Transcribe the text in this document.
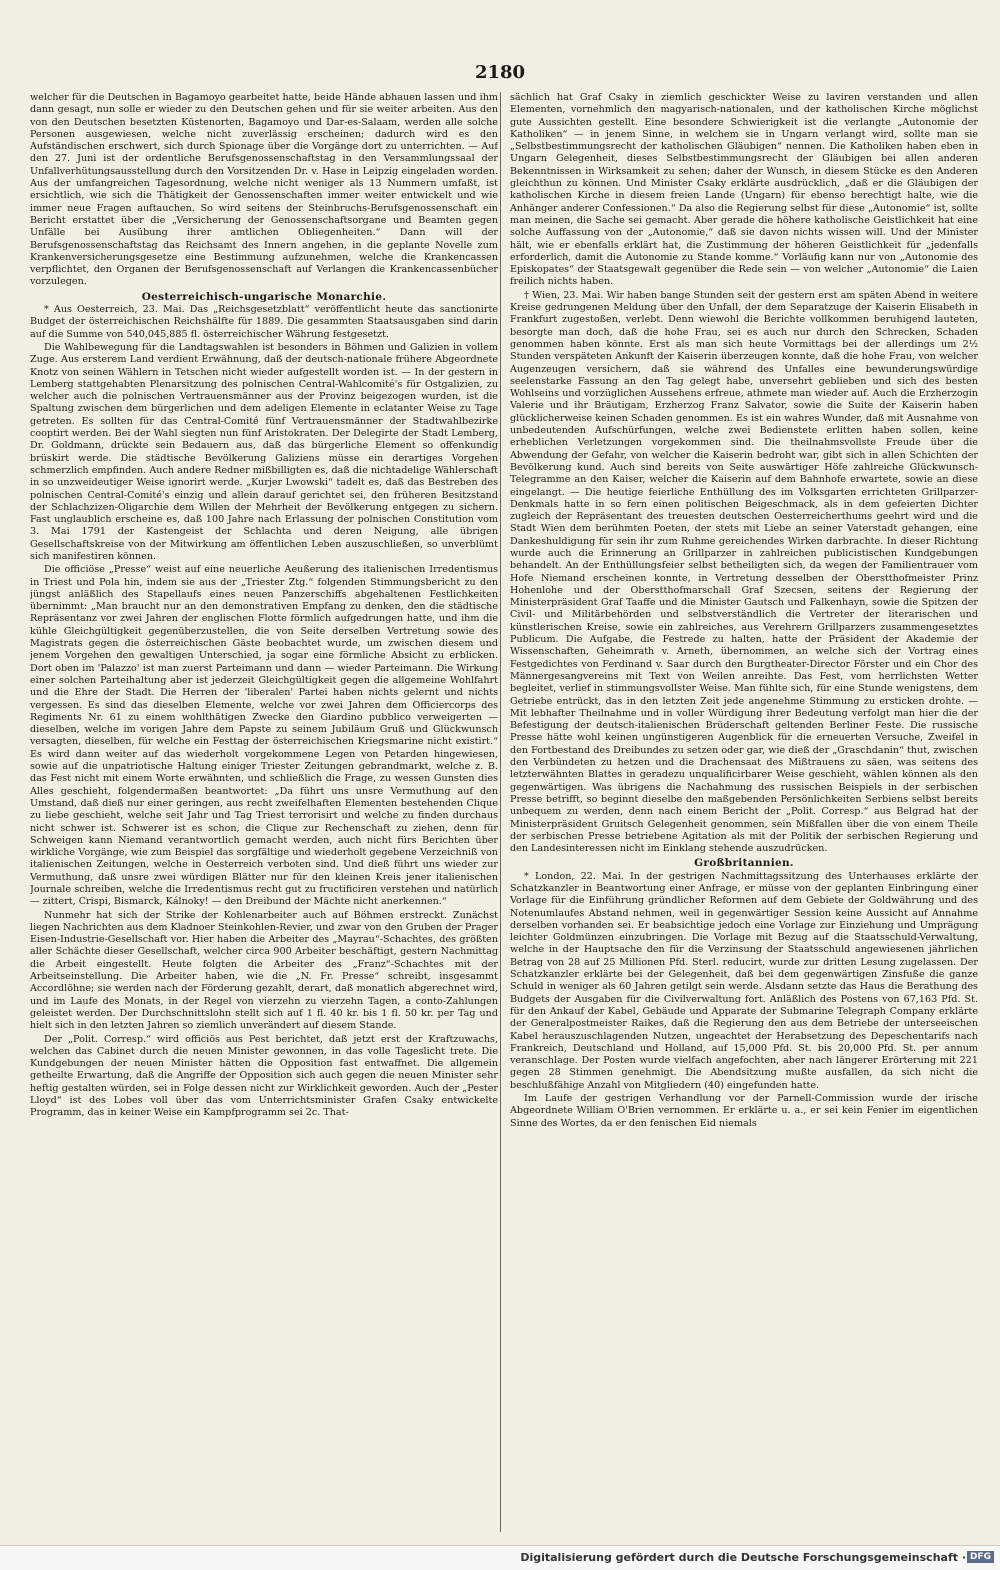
2180

welcher für die Deutschen in Bagamoyo gearbeitet hatte, beide Hände abhauen lassen und ihm dann gesagt, nun solle er wieder zu den Deutschen gehen und für sie weiter arbeiten. Aus den von den Deutschen besetzten Küstenorten, Bagamoyo und Dar-es-Salaam, werden alle solche Personen ausgewiesen, welche nicht zuverlässig erscheinen; dadurch wird es den Aufständischen erschwert, sich durch Spionage über die Vorgänge dort zu unterrichten. — Auf den 27. Juni ist der ordentliche Berufsgenossenschaftstag in den Versammlungssaal der Unfallverhütungsausstellung durch den Vorsitzenden Dr. v. Hase in Leipzig eingeladen worden. Aus der umfangreichen Tagesordnung, welche nicht weniger als 13 Nummern umfaßt, ist ersichtlich, wie sich die Thätigkeit der Genossenschaften immer weiter entwickelt und wie immer neue Fragen auftauchen. So wird seitens der Steinbruchs-Berufsgenossenschaft ein Bericht erstattet über die „Versicherung der Genossenschaftsorgane und Beamten gegen Unfälle bei Ausübung ihrer amtlichen Obliegenheiten.“ Dann will der Berufsgenossenschaftstag das Reichsamt des Innern angehen, in die geplante Novelle zum Krankenversicherungsgesetze eine Bestimmung aufzunehmen, welche die Krankencassen verpflichtet, den Organen der Berufsgenossenschaft auf Verlangen die Krankencassenbücher vorzulegen.

Oesterreichisch-ungarische Monarchie.

* Aus Oesterreich, 23. Mai. Das „Reichsgesetzblatt“ veröffentlicht heute das sanctionirte Budget der österreichischen Reichshälfte für 1889. Die gesammten Staatsausgaben sind darin auf die Summe von 540,045,885 fl. österreichischer Währung festgesetzt.

Die Wahlbewegung für die Landtagswahlen ist besonders in Böhmen und Galizien in vollem Zuge. Aus ersterem Land verdient Erwähnung, daß der deutsch-nationale frühere Abgeordnete Knotz von seinen Wählern in Tetschen nicht wieder aufgestellt worden ist. — In der gestern in Lemberg stattgehabten Plenarsitzung des polnischen Central-Wahlcomité's für Ostgalizien, zu welcher auch die polnischen Vertrauensmänner aus der Provinz beigezogen wurden, ist die Spaltung zwischen dem bürgerlichen und dem adeligen Elemente in eclatanter Weise zu Tage getreten. Es sollten für das Central-Comité fünf Vertrauensmänner der Stadtwahlbezirke cooptirt werden. Bei der Wahl siegten nun fünf Aristokraten. Der Delegirte der Stadt Lemberg, Dr. Goldmann, drückte sein Bedauern aus, daß das bürgerliche Element so offenkundig brüskirt werde. Die städtische Bevölkerung Galiziens müsse ein derartiges Vorgehen schmerzlich empfinden. Auch andere Redner mißbilligten es, daß die nichtadelige Wählerschaft in so unzweideutiger Weise ignorirt werde. „Kurjer Lwowski“ tadelt es, daß das Bestreben des polnischen Central-Comité's einzig und allein darauf gerichtet sei, den früheren Besitzstand der Schlachzizen-Oligarchie dem Willen der Mehrheit der Bevölkerung entgegen zu sichern. Fast unglaublich erscheine es, daß 100 Jahre nach Erlassung der polnischen Constitution vom 3. Mai 1791 der Kastengeist der Schlachta und deren Neigung, alle übrigen Gesellschaftskreise von der Mitwirkung am öffentlichen Leben auszuschließen, so unverblümt sich manifestiren können.

Die officiöse „Presse“ weist auf eine neuerliche Aeußerung des italienischen Irredentismus in Triest und Pola hin, indem sie aus der „Triester Ztg.“ folgenden Stimmungsbericht zu den jüngst anläßlich des Stapellaufs eines neuen Panzerschiffs abgehaltenen Festlichkeiten übernimmt: „Man braucht nur an den demonstrativen Empfang zu denken, den die städtische Repräsentanz vor zwei Jahren der englischen Flotte förmlich aufgedrungen hatte, und ihm die kühle Gleichgültigkeit gegenüberzustellen, die von Seite derselben Vertretung sowie des Magistrats gegen die österreichischen Gäste beobachtet wurde, um zwischen diesem und jenem Vorgehen den gewaltigen Unterschied, ja sogar eine förmliche Absicht zu erblicken. Dort oben im 'Palazzo' ist man zuerst Parteimann und dann — wieder Parteimann. Die Wirkung einer solchen Parteihaltung aber ist jederzeit Gleichgültigkeit gegen die allgemeine Wohlfahrt und die Ehre der Stadt. Die Herren der 'liberalen' Partei haben nichts gelernt und nichts vergessen. Es sind das dieselben Elemente, welche vor zwei Jahren dem Officiercorps des Regiments Nr. 61 zu einem wohlthätigen Zwecke den Giardino pubblico verweigerten — dieselben, welche im vorigen Jahre dem Papste zu seinem Jubiläum Gruß und Glückwunsch versagten, dieselben, für welche ein Festtag der österreichischen Kriegsmarine nicht existirt.“ Es wird dann weiter auf das wiederholt vorgekommene Legen von Petarden hingewiesen, sowie auf die unpatriotische Haltung einiger Triester Zeitungen gebrandmarkt, welche z. B. das Fest nicht mit einem Worte erwähnten, und schließlich die Frage, zu wessen Gunsten dies Alles geschieht, folgendermaßen beantwortet: „Da führt uns unsre Vermuthung auf den Umstand, daß dieß nur einer geringen, aus recht zweifelhaften Elementen bestehenden Clique zu liebe geschieht, welche seit Jahr und Tag Triest terrorisirt und welche zu finden durchaus nicht schwer ist. Schwerer ist es schon, die Clique zur Rechenschaft zu ziehen, denn für Schweigen kann Niemand verantwortlich gemacht werden, auch nicht fürs Berichten über wirkliche Vorgänge, wie zum Beispiel das sorgfältige und wiederholt gegebene Verzeichniß von italienischen Zeitungen, welche in Oesterreich verboten sind. Und dieß führt uns wieder zur Vermuthung, daß unsre zwei würdigen Blätter nur für den kleinen Kreis jener italienischen Journale schreiben, welche die Irredentismus recht gut zu fructificiren verstehen und natürlich — zittert, Crispi, Bismarck, Kálnoky! — den Dreibund der Mächte nicht anerkennen.“

Nunmehr hat sich der Strike der Kohlenarbeiter auch auf Böhmen erstreckt. Zunächst liegen Nachrichten aus dem Kladnoer Steinkohlen-Revier, und zwar von den Gruben der Prager Eisen-Industrie-Gesellschaft vor. Hier haben die Arbeiter des „Mayrau“-Schachtes, des größten aller Schächte dieser Gesellschaft, welcher circa 900 Arbeiter beschäftigt, gestern Nachmittag die Arbeit eingestellt. Heute folgten die Arbeiter des „Franz“-Schachtes mit der Arbeitseinstellung. Die Arbeiter haben, wie die „N. Fr. Presse“ schreibt, insgesammt Accordlöhne; sie werden nach der Förderung gezahlt, derart, daß monatlich abgerechnet wird, und im Laufe des Monats, in der Regel von vierzehn zu vierzehn Tagen, a conto-Zahlungen geleistet werden. Der Durchschnittslohn stellt sich auf 1 fl. 40 kr. bis 1 fl. 50 kr. per Tag und hielt sich in den letzten Jahren so ziemlich unverändert auf diesem Stande.

Der „Polit. Corresp.“ wird officiös aus Pest berichtet, daß jetzt erst der Kraftzuwachs, welchen das Cabinet durch die neuen Minister gewonnen, in das volle Tageslicht trete. Die Kundgebungen der neuen Minister hätten die Opposition fast entwaffnet. Die allgemein getheilte Erwartung, daß die Angriffe der Opposition sich auch gegen die neuen Minister sehr heftig gestalten würden, sei in Folge dessen nicht zur Wirklichkeit geworden. Auch der „Pester Lloyd“ ist des Lobes voll über das vom Unterrichtsminister Grafen Csaky entwickelte Programm, das in keiner Weise ein Kampfprogramm sei 2c. That-

sächlich hat Graf Csaky in ziemlich geschickter Weise zu laviren verstanden und allen Elementen, vornehmlich den magyarisch-nationalen, und der katholischen Kirche möglichst gute Aussichten gestellt. Eine besondere Schwierigkeit ist die verlangte „Autonomie der Katholiken“ — in jenem Sinne, in welchem sie in Ungarn verlangt wird, sollte man sie „Selbstbestimmungsrecht der katholischen Gläubigen“ nennen. Die Katholiken haben eben in Ungarn Gelegenheit, dieses Selbstbestimmungsrecht der Gläubigen bei allen anderen Bekenntnissen in Wirksamkeit zu sehen; daher der Wunsch, in diesem Stücke es den Anderen gleichthun zu können. Und Minister Csaky erklärte ausdrücklich, „daß er die Gläubigen der katholischen Kirche in diesem freien Lande (Ungarn) für ebenso berechtigt halte, wie die Anhänger anderer Confessionen.“ Da also die Regierung selbst für diese „Autonomie“ ist, sollte man meinen, die Sache sei gemacht. Aber gerade die höhere katholische Geistlichkeit hat eine solche Auffassung von der „Autonomie,“ daß sie davon nichts wissen will. Und der Minister hält, wie er ebenfalls erklärt hat, die Zustimmung der höheren Geistlichkeit für „jedenfalls erforderlich, damit die Autonomie zu Stande komme.“ Vorläufig kann nur von „Autonomie des Episkopates“ der Staatsgewalt gegenüber die Rede sein — von welcher „Autonomie“ die Laien freilich nichts haben.

† Wien, 23. Mai. Wir haben bange Stunden seit der gestern erst am späten Abend in weitere Kreise gedrungenen Meldung über den Unfall, der dem Separatzuge der Kaiserin Elisabeth in Frankfurt zugestoßen, verlebt. Denn wiewohl die Berichte vollkommen beruhigend lauteten, besorgte man doch, daß die hohe Frau, sei es auch nur durch den Schrecken, Schaden genommen haben könnte. Erst als man sich heute Vormittags bei der allerdings um 2½ Stunden verspäteten Ankunft der Kaiserin überzeugen konnte, daß die hohe Frau, von welcher Augenzeugen versichern, daß sie während des Unfalles eine bewunderungswürdige seelenstarke Fassung an den Tag gelegt habe, unversehrt geblieben und sich des besten Wohlseins und vorzüglichen Aussehens erfreue, athmete man wieder auf. Auch die Erzherzogin Valerie und ihr Bräutigam, Erzherzog Franz Salvator, sowie die Suite der Kaiserin haben glücklicherweise keinen Schaden genommen. Es ist ein wahres Wunder, daß mit Ausnahme von unbedeutenden Aufschürfungen, welche zwei Bedienstete erlitten haben sollen, keine erheblichen Verletzungen vorgekommen sind. Die theilnahmsvollste Freude über die Abwendung der Gefahr, von welcher die Kaiserin bedroht war, gibt sich in allen Schichten der Bevölkerung kund. Auch sind bereits von Seite auswärtiger Höfe zahlreiche Glückwunsch-Telegramme an den Kaiser, welcher die Kaiserin auf dem Bahnhofe erwartete, sowie an diese eingelangt. — Die heutige feierliche Enthüllung des im Volksgarten errichteten Grillparzer-Denkmals hatte in so fern einen politischen Beigeschmack, als in dem gefeierten Dichter zugleich der Repräsentant des treuesten deutschen Oesterreicherthums geehrt wird und die Stadt Wien dem berühmten Poeten, der stets mit Liebe an seiner Vaterstadt gehangen, eine Dankeshuldigung für sein ihr zum Ruhme gereichendes Wirken darbrachte. In dieser Richtung wurde auch die Erinnerung an Grillparzer in zahlreichen publicistischen Kundgebungen behandelt. An der Enthüllungsfeier selbst betheiligten sich, da wegen der Familientrauer vom Hofe Niemand erscheinen konnte, in Vertretung desselben der Oberstthofmeister Prinz Hohenlohe und der Oberstthofmarschall Graf Szecsen, seitens der Regierung der Ministerpräsident Graf Taaffe und die Minister Gautsch und Falkenhayn, sowie die Spitzen der Civil- und Militärbehörden und selbstverständlich die Vertreter der literarischen und künstlerischen Kreise, sowie ein zahlreiches, aus Verehrern Grillparzers zusammengesetztes Publicum. Die Aufgabe, die Festrede zu halten, hatte der Präsident der Akademie der Wissenschaften, Geheimrath v. Arneth, übernommen, an welche sich der Vortrag eines Festgedichtes von Ferdinand v. Saar durch den Burgtheater-Director Förster und ein Chor des Männergesangvereins mit Text von Weilen anreihte. Das Fest, vom herrlichsten Wetter begleitet, verlief in stimmungsvollster Weise. Man fühlte sich, für eine Stunde wenigstens, dem Getriebe entrückt, das in den letzten Zeit jede angenehme Stimmung zu ersticken drohte. — Mit lebhafter Theilnahme und in voller Würdigung ihrer Bedeutung verfolgt man hier die der Befestigung der deutsch-italienischen Brüderschaft geltenden Berliner Feste. Die russische Presse hätte wohl keinen ungünstigeren Augenblick für die erneuerten Versuche, Zweifel in den Fortbestand des Dreibundes zu setzen oder gar, wie dieß der „Graschdanin“ thut, zwischen den Verbündeten zu hetzen und die Drachensaat des Mißtrauens zu säen, was seitens des letzterwähnten Blattes in geradezu unqualificirbarer Weise geschieht, wählen können als den gegenwärtigen. Was übrigens die Nachahmung des russischen Beispiels in der serbischen Presse betrifft, so beginnt dieselbe den maßgebenden Persönlichkeiten Serbiens selbst bereits unbequem zu werden, denn nach einem Bericht der „Polit. Corresp.“ aus Belgrad hat der Ministerpräsident Gruitsch Gelegenheit genommen, sein Mißfallen über die von einem Theile der serbischen Presse betriebene Agitation als mit der Politik der serbischen Regierung und den Landesinteressen nicht im Einklang stehende auszudrücken.

Großbritannien.

* London, 22. Mai. In der gestrigen Nachmittagssitzung des Unterhauses erklärte der Schatzkanzler in Beantwortung einer Anfrage, er müsse von der geplanten Einbringung einer Vorlage für die Einführung gründlicher Reformen auf dem Gebiete der Goldwährung und des Notenumlaufes Abstand nehmen, weil in gegenwärtiger Session keine Aussicht auf Annahme derselben vorhanden sei. Er beabsichtige jedoch eine Vorlage zur Einziehung und Umprägung leichter Goldmünzen einzubringen. Die Vorlage mit Bezug auf die Staatsschuld-Verwaltung, welche in der Hauptsache den für die Verzinsung der Staatsschuld angewiesenen jährlichen Betrag von 28 auf 25 Millionen Pfd. Sterl. reducirt, wurde zur dritten Lesung zugelassen. Der Schatzkanzler erklärte bei der Gelegenheit, daß bei dem gegenwärtigen Zinsfuße die ganze Schuld in weniger als 60 Jahren getilgt sein werde. Alsdann setzte das Haus die Berathung des Budgets der Ausgaben für die Civilverwaltung fort. Anläßlich des Postens von 67,163 Pfd. St. für den Ankauf der Kabel, Gebäude und Apparate der Submarine Telegraph Company erklärte der Generalpostmeister Raikes, daß die Regierung den aus dem Betriebe der unterseeischen Kabel herauszuschlagenden Nutzen, ungeachtet der Herabsetzung des Depeschentarifs nach Frankreich, Deutschland und Holland, auf 15,000 Pfd. St. bis 20,000 Pfd. St. per annum veranschlage. Der Posten wurde vielfach angefochten, aber nach längerer Erörterung mit 221 gegen 28 Stimmen genehmigt. Die Abendsitzung mußte ausfallen, da sich nicht die beschlußfähige Anzahl von Mitgliedern (40) eingefunden hatte.

Im Laufe der gestrigen Verhandlung vor der Parnell-Commission wurde der irische Abgeordnete William O'Brien vernommen. Er erklärte u. a., er sei kein Fenier im eigentlichen Sinne des Wortes, da er den fenischen Eid niemals

Digitalisierung gefördert durch die Deutsche Forschungsgemeinschaft · DFG
